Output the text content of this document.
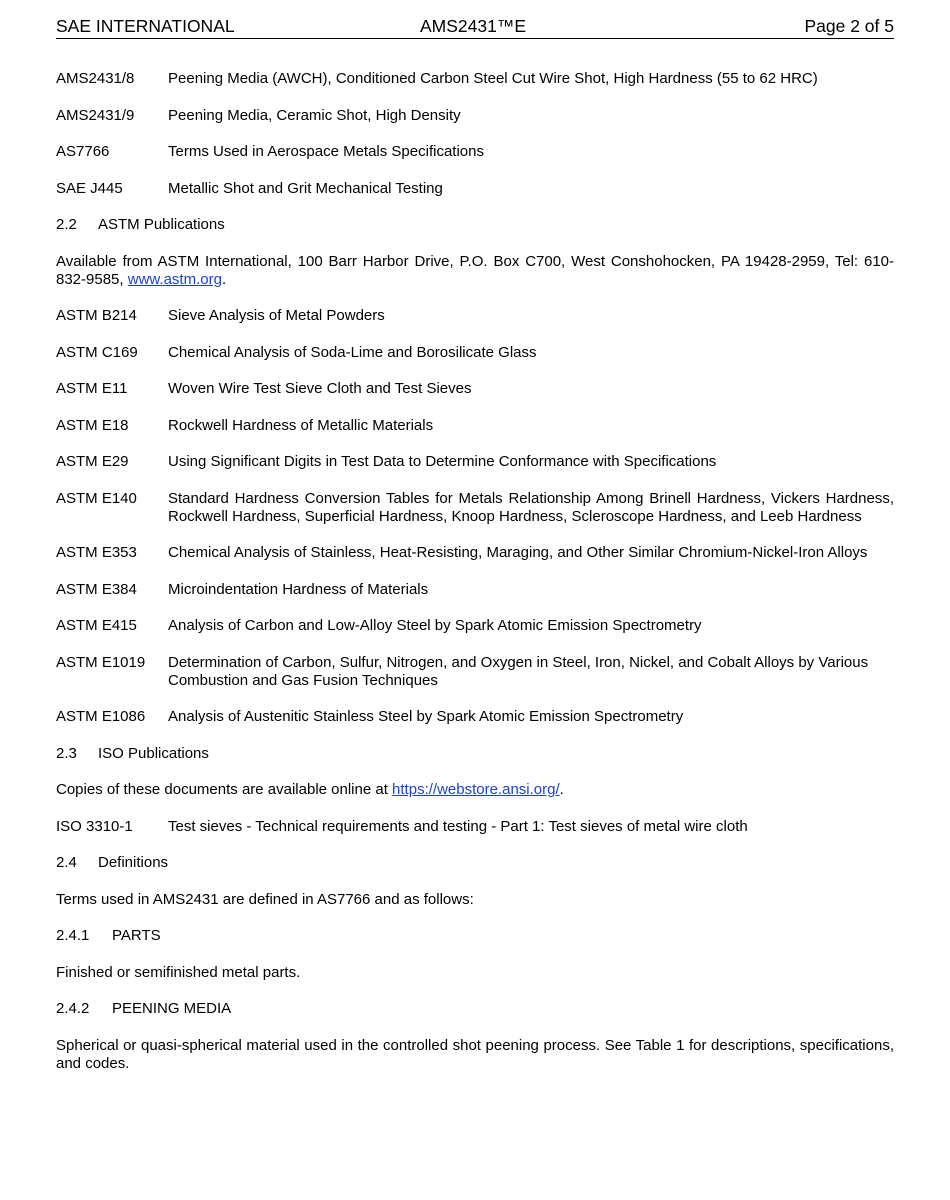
SAE INTERNATIONAL	AMS2431™E	Page 2 of 5
AMS2431/8	Peening Media (AWCH), Conditioned Carbon Steel Cut Wire Shot, High Hardness (55 to 62 HRC)
AMS2431/9	Peening Media, Ceramic Shot, High Density
AS7766	Terms Used in Aerospace Metals Specifications
SAE J445	Metallic Shot and Grit Mechanical Testing
2.2	ASTM Publications
Available from ASTM International, 100 Barr Harbor Drive, P.O. Box C700, West Conshohocken, PA 19428-2959, Tel: 610-832-9585, www.astm.org.
ASTM B214	Sieve Analysis of Metal Powders
ASTM C169	Chemical Analysis of Soda-Lime and Borosilicate Glass
ASTM E11	Woven Wire Test Sieve Cloth and Test Sieves
ASTM E18	Rockwell Hardness of Metallic Materials
ASTM E29	Using Significant Digits in Test Data to Determine Conformance with Specifications
ASTM E140	Standard Hardness Conversion Tables for Metals Relationship Among Brinell Hardness, Vickers Hardness, Rockwell Hardness, Superficial Hardness, Knoop Hardness, Scleroscope Hardness, and Leeb Hardness
ASTM E353	Chemical Analysis of Stainless, Heat-Resisting, Maraging, and Other Similar Chromium-Nickel-Iron Alloys
ASTM E384	Microindentation Hardness of Materials
ASTM E415	Analysis of Carbon and Low-Alloy Steel by Spark Atomic Emission Spectrometry
ASTM E1019	Determination of Carbon, Sulfur, Nitrogen, and Oxygen in Steel, Iron, Nickel, and Cobalt Alloys by Various Combustion and Gas Fusion Techniques
ASTM E1086	Analysis of Austenitic Stainless Steel by Spark Atomic Emission Spectrometry
2.3	ISO Publications
Copies of these documents are available online at https://webstore.ansi.org/.
ISO 3310-1	Test sieves - Technical requirements and testing - Part 1: Test sieves of metal wire cloth
2.4	Definitions
Terms used in AMS2431 are defined in AS7766 and as follows:
2.4.1	PARTS
Finished or semifinished metal parts.
2.4.2	PEENING MEDIA
Spherical or quasi-spherical material used in the controlled shot peening process. See Table 1 for descriptions, specifications, and codes.
